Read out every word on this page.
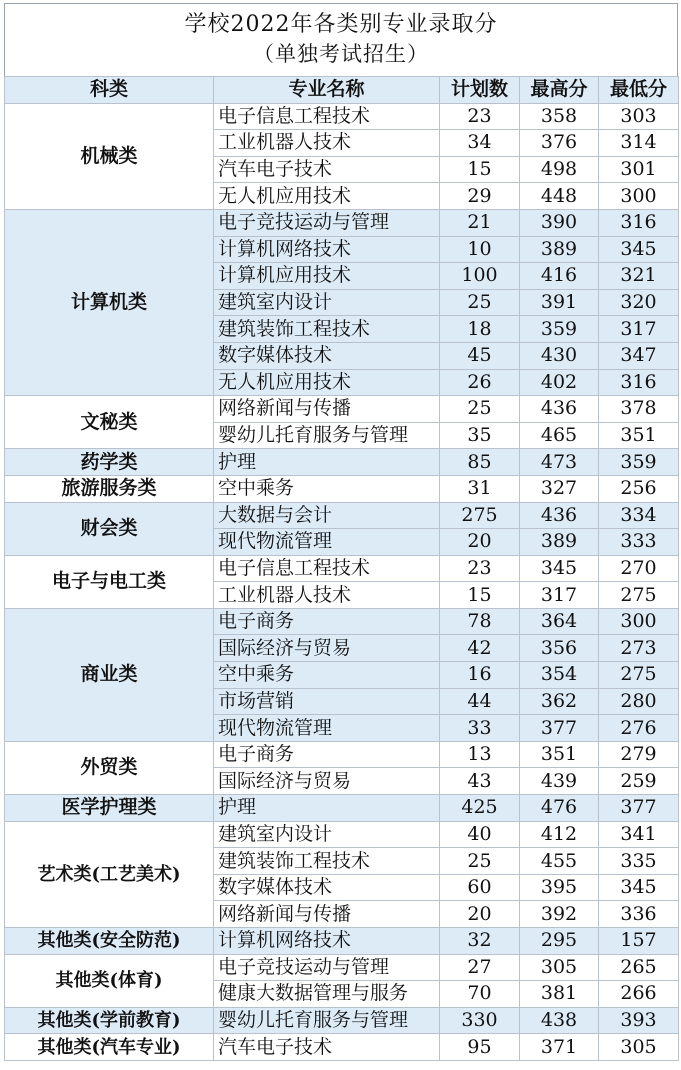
学校2022年各类别专业录取分
（单独考试招生）
科类	专业名称	计划数	最高分	最低分
机械类	电子信息工程技术	23	358	303
	工业机器人技术	34	376	314
	汽车电子技术	15	498	301
	无人机应用技术	29	448	300
计算机类	电子竞技运动与管理	21	390	316
	计算机网络技术	10	389	345
	计算机应用技术	100	416	321
	建筑室内设计	25	391	320
	建筑装饰工程技术	18	359	317
	数字媒体技术	45	430	347
	无人机应用技术	26	402	316
文秘类	网络新闻与传播	25	436	378
	婴幼儿托育服务与管理	35	465	351
药学类	护理	85	473	359
旅游服务类	空中乘务	31	327	256
财会类	大数据与会计	275	436	334
	现代物流管理	20	389	333
电子与电工类	电子信息工程技术	23	345	270
	工业机器人技术	15	317	275
商业类	电子商务	78	364	300
	国际经济与贸易	42	356	273
	空中乘务	16	354	275
	市场营销	44	362	280
	现代物流管理	33	377	276
外贸类	电子商务	13	351	279
	国际经济与贸易	43	439	259
医学护理类	护理	425	476	377
艺术类(工艺美术)	建筑室内设计	40	412	341
	建筑装饰工程技术	25	455	335
	数字媒体技术	60	395	345
	网络新闻与传播	20	392	336
其他类(安全防范)	计算机网络技术	32	295	157
其他类(体育)	电子竞技运动与管理	27	305	265
	健康大数据管理与服务	70	381	266
其他类(学前教育)	婴幼儿托育服务与管理	330	438	393
其他类(汽车专业)	汽车电子技术	95	371	305
